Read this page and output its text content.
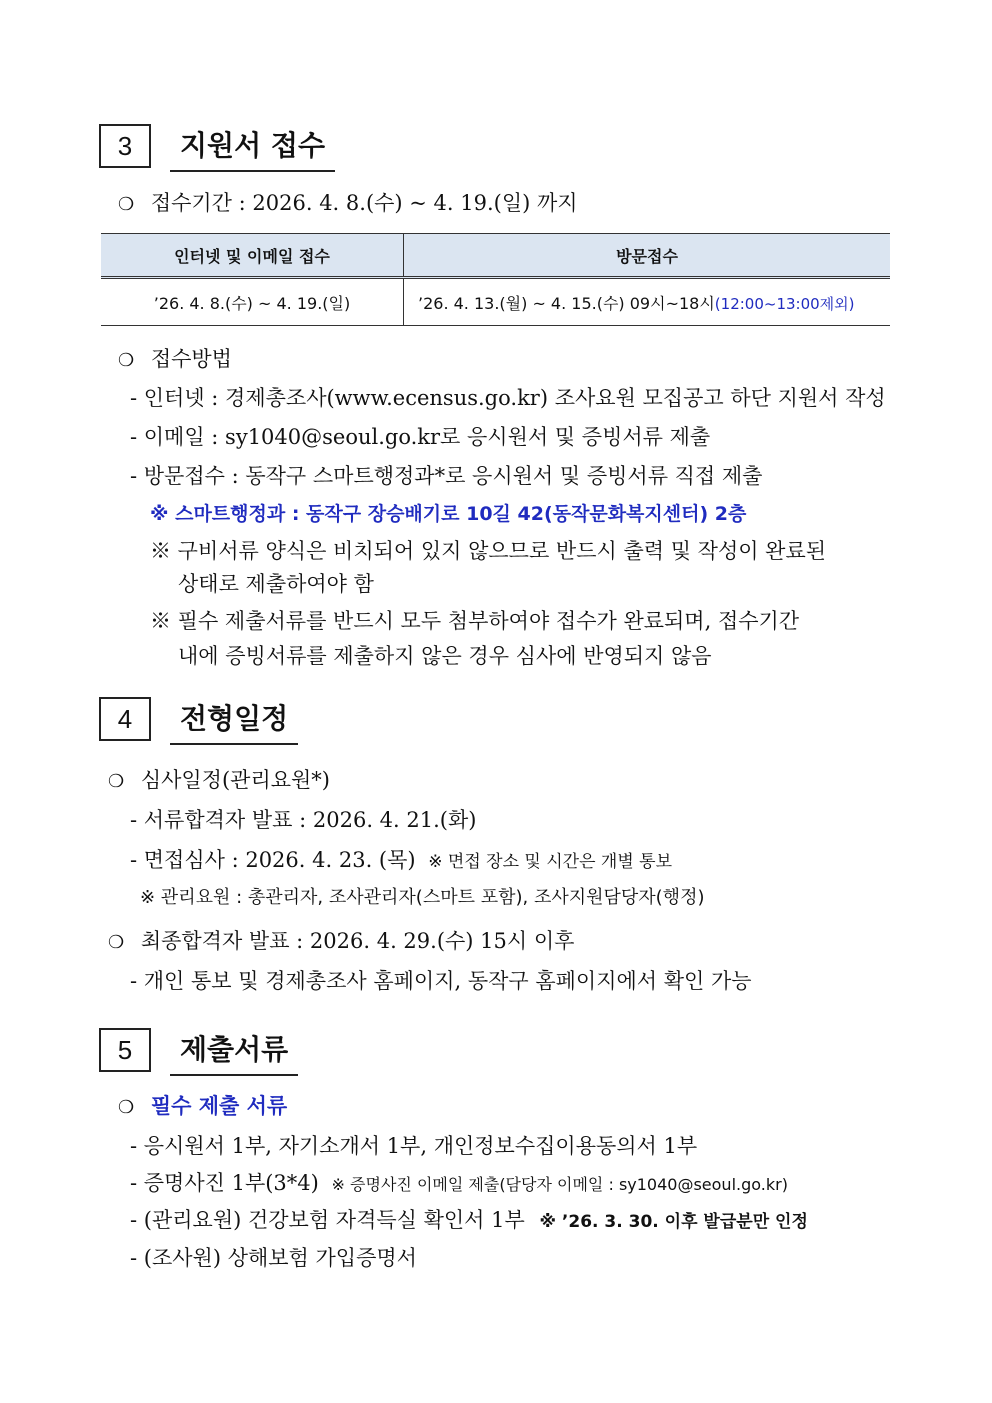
3	지원서 접수
❍ 접수기간 : 2026. 4. 8.(수) ~ 4. 19.(일) 까지
인터넷 및 이메일 접수	방문접수
’26. 4. 8.(수) ~ 4. 19.(일)	’26. 4. 13.(월) ~ 4. 15.(수) 09시~18시(12:00~13:00제외)
❍ 접수방법
- 인터넷 : 경제총조사(www.ecensus.go.kr) 조사요원 모집공고 하단 지원서 작성
- 이메일 : sy1040@seoul.go.kr로 응시원서 및 증빙서류 제출
- 방문접수 : 동작구 스마트행정과*로 응시원서 및 증빙서류 직접 제출
※ 스마트행정과 : 동작구 장승배기로 10길 42(동작문화복지센터) 2층
※ 구비서류 양식은 비치되어 있지 않으므로 반드시 출력 및 작성이 완료된
상태로 제출하여야 함
※ 필수 제출서류를 반드시 모두 첨부하여야 접수가 완료되며, 접수기간
내에 증빙서류를 제출하지 않은 경우 심사에 반영되지 않음
4	전형일정
❍ 심사일정(관리요원*)
- 서류합격자 발표 : 2026. 4. 21.(화)
- 면접심사 : 2026. 4. 23. (목) ※ 면접 장소 및 시간은 개별 통보
※ 관리요원 : 총관리자, 조사관리자(스마트 포함), 조사지원담당자(행정)
❍ 최종합격자 발표 : 2026. 4. 29.(수) 15시 이후
- 개인 통보 및 경제총조사 홈페이지, 동작구 홈페이지에서 확인 가능
5	제출서류
❍ 필수 제출 서류
- 응시원서 1부, 자기소개서 1부, 개인정보수집이용동의서 1부
- 증명사진 1부(3*4) ※ 증명사진 이메일 제출(담당자 이메일 : sy1040@seoul.go.kr)
- (관리요원) 건강보험 자격득실 확인서 1부 ※ ’26. 3. 30. 이후 발급분만 인정
- (조사원) 상해보험 가입증명서
